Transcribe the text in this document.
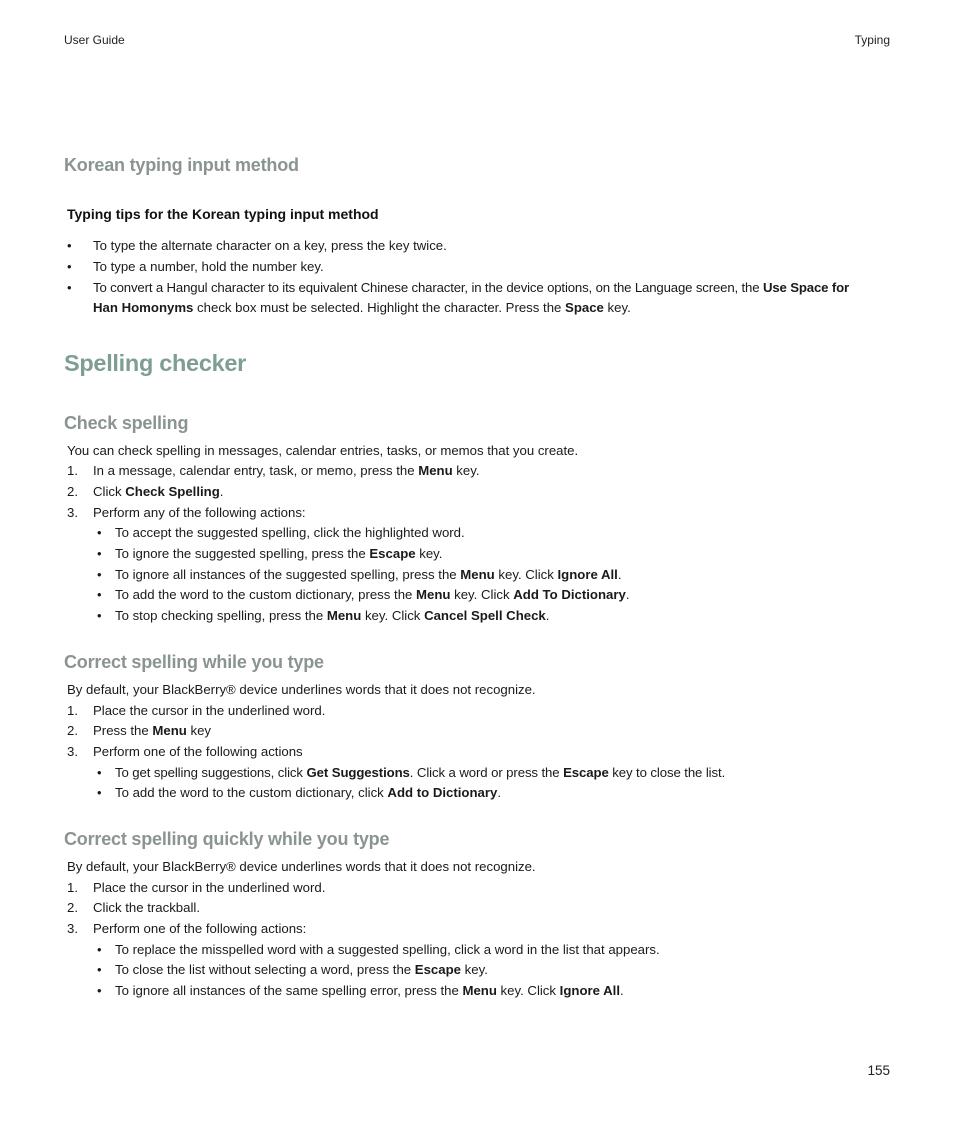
User Guide	Typing
Korean typing input method
Typing tips for the Korean typing input method
• To type the alternate character on a key, press the key twice.
• To type a number, hold the number key.
• To convert a Hangul character to its equivalent Chinese character, in the device options, on the Language screen, the Use Space for
Han Homonyms check box must be selected. Highlight the character. Press the Space key.
Spelling checker
Check spelling
You can check spelling in messages, calendar entries, tasks, or memos that you create.
1. In a message, calendar entry, task, or memo, press the Menu key.
2. Click Check Spelling.
3. Perform any of the following actions:
• To accept the suggested spelling, click the highlighted word.
• To ignore the suggested spelling, press the Escape key.
• To ignore all instances of the suggested spelling, press the Menu key. Click Ignore All.
• To add the word to the custom dictionary, press the Menu key. Click Add To Dictionary.
• To stop checking spelling, press the Menu key. Click Cancel Spell Check.
Correct spelling while you type
By default, your BlackBerry® device underlines words that it does not recognize.
1. Place the cursor in the underlined word.
2. Press the Menu key
3. Perform one of the following actions
• To get spelling suggestions, click Get Suggestions. Click a word or press the Escape key to close the list.
• To add the word to the custom dictionary, click Add to Dictionary.
Correct spelling quickly while you type
By default, your BlackBerry® device underlines words that it does not recognize.
1. Place the cursor in the underlined word.
2. Click the trackball.
3. Perform one of the following actions:
• To replace the misspelled word with a suggested spelling, click a word in the list that appears.
• To close the list without selecting a word, press the Escape key.
• To ignore all instances of the same spelling error, press the Menu key. Click Ignore All.
155
